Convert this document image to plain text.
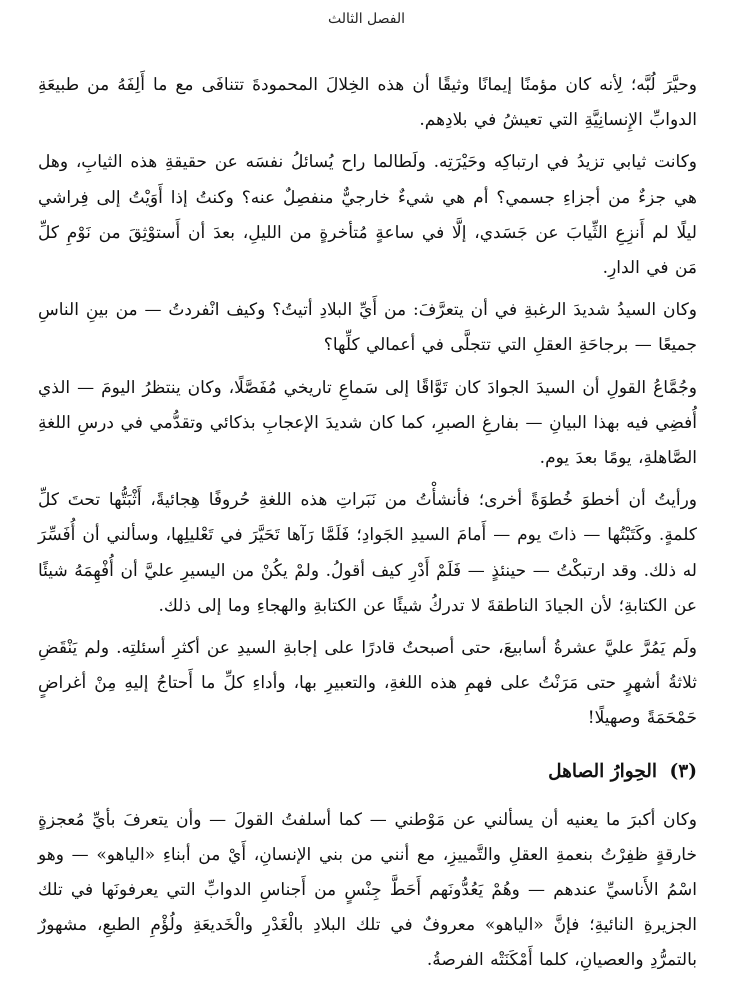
الفصل الثالث

وحيَّرَ لُبَّه؛ لِأنه كان مؤمنًا إيمانًا وثيقًا أن هذه الخِلالَ المحمودةَ تتنافَى مع ما أَلِفَهُ من طبيعَةِ الدوابِّ الإِنسانِيَّةِ التي تعيشُ في بلادِهم.

وكانت ثيابي تزيدُ في ارتباكِه وحَيْرَتِه. ولَطالما راح يُسائلُ نفسَه عن حقيقةِ هذه الثيابِ، وهل هي جزءٌ من أجزاءِ جسمي؟ أم هي شيءٌ خارجيٌّ منفصِلٌ عنه؟ وكنتُ إذا أَوَيْتُ إلى فِراشي ليلًا لم أَنزِعِ الثِّيابَ عن جَسَدي، إلَّا في ساعةٍ مُتأخرةٍ من الليلِ، بعدَ أن أَستوْثِقَ من نَوْمِ كلِّ مَن في الدارِ.

وكان السيدُ شديدَ الرغبةِ في أن يتعرَّفَ: من أَيِّ البلادِ أتيتُ؟ وكيف انْفردتُ — من بينِ الناسِ جميعًا — برجاحَةِ العقلِ التي تتجلَّى في أعمالي كلِّها؟

وجُمَّاعُ القولِ أن السيدَ الجوادَ كان تَوَّاقًا إلى سَماعِ تاريخي مُفَصَّلًا، وكان ينتظرُ اليومَ — الذي أُفضِي فيه بهذا البيانِ — بفارغِ الصبرِ، كما كان شديدَ الإعجابِ بذكائي وتقدُّمي في درسِ اللغةِ الصَّاهلةِ، يومًا بعدَ يوم.

ورأيتُ أن أخطوَ خُطوَةً أخرى؛ فأنشأْتُ من نَبَراتِ هذه اللغةِ حُروفًا هِجائيةً، أَثْبَتُّها تحتَ كلِّ كلمةٍ. وكَتَبْتُها — ذاتَ يوم — أَمامَ السيدِ الجَوادِ؛ فَلَمَّا رَآها تَحَيَّرَ في تَعْليلِها، وسألني أن أُفَسِّرَ له ذلك. وقد ارتبكْتُ — حينئذٍ — فَلَمْ أَدْرِ كيف أقولُ. ولمْ يكُنْ من اليسيرِ عليَّ أن أُفْهِمَهُ شيئًا عن الكتابةِ؛ لأن الجيادَ الناطقةَ لا تدركُ شيئًا عن الكتابةِ والهجاءِ وما إلى ذلك.

ولَم يَمُرَّ عليَّ عشرةُ أسابيعَ، حتى أصبحتُ قادرًا على إجابةِ السيدِ عن أكثرِ أسئلتِه. ولم يَنْقَضِ ثلاثةُ أشهرٍ حتى مَرَنْتُ على فهمِ هذه اللغةِ، والتعبيرِ بها، وأداءِ كلِّ ما أَحتاجُ إليهِ مِنْ أغراضٍ حَمْحَمَةً وصهيلًا!

(٣) الحِوارُ الصاهل

وكان أكبرَ ما يعنيه أن يسألني عن مَوْطني — كما أسلفتُ القولَ — وأن يتعرفَ بأيِّ مُعجزةٍ خارقةٍ ظفِرْتُ بنعمةِ العقلِ والتَّمييزِ، مع أنني من بني الإنسانِ، أَيْ من أبناءِ «الياهو» — وهو اسْمُ الأَناسيِّ عندهم — وهُمْ يَعُدُّونَهم أَحَطَّ جِنْسٍ من أَجناسِ الدوابِّ التي يعرفونَها في تلك الجزيرةِ النائيةِ؛ فإنَّ «الياهو» معروفٌ في تلك البلادِ بالْغَدْرِ والْخَديعَةِ ولُؤْمِ الطبعِ، مشهورٌ بالتمرُّدِ والعصيانِ، كلما أَمْكَنَتْه الفرصةُ.
